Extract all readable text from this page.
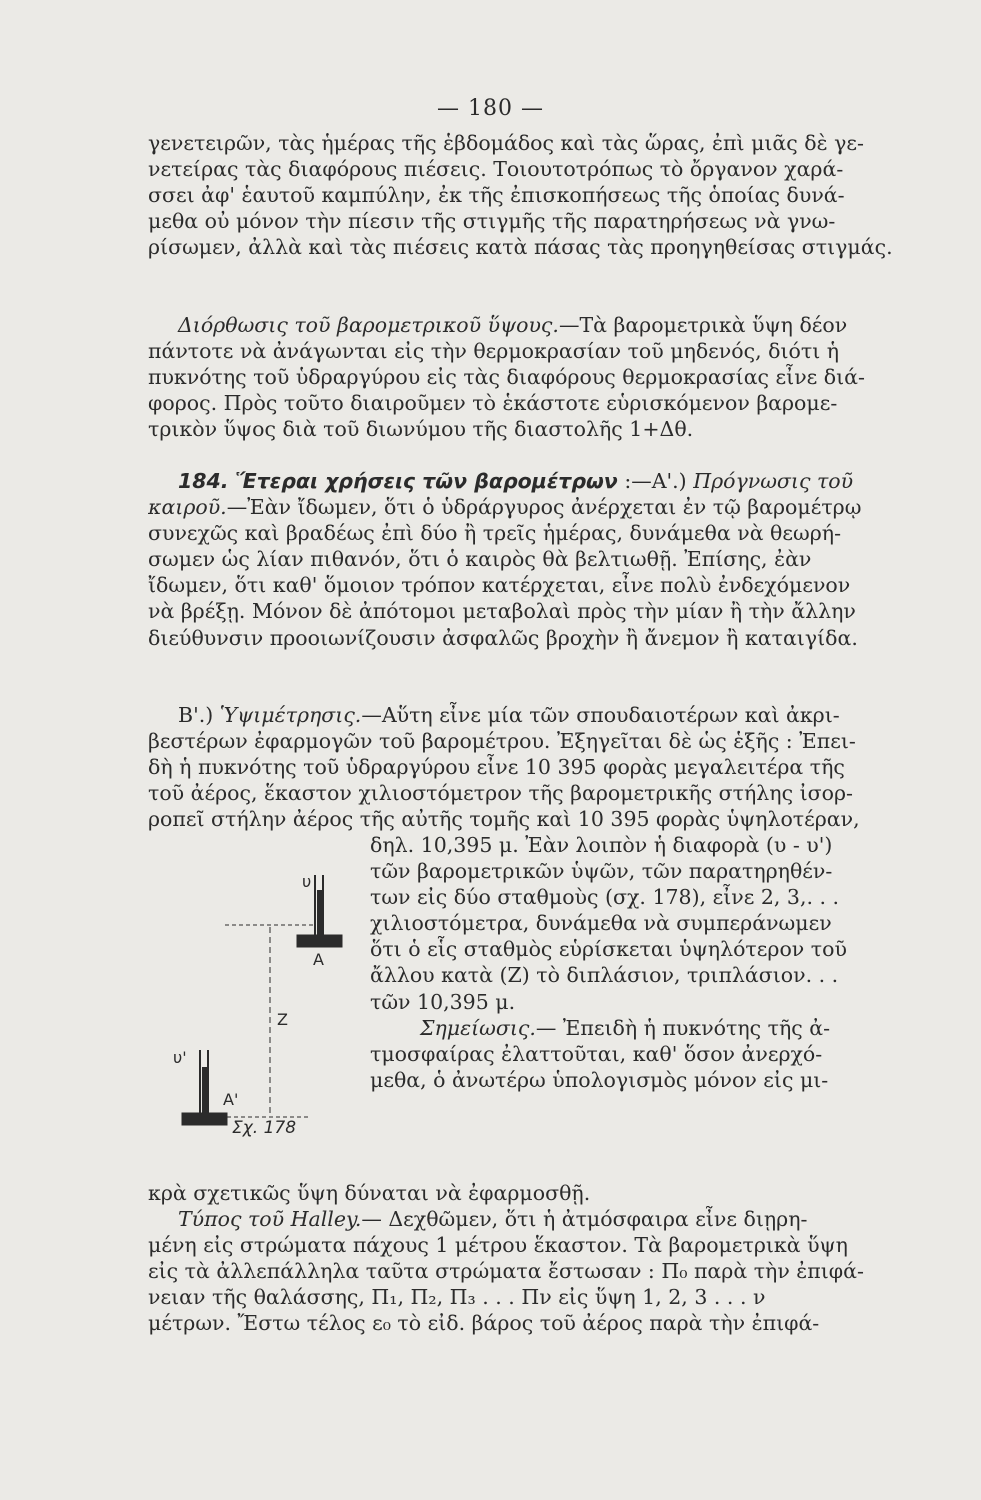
— 180 —
γενετειρῶν, τὰς ἡμέρας τῆς ἑβδομάδος καὶ τὰς ὥρας, ἐπὶ μιᾶς δὲ γε-
νετείρας τὰς διαφόρους πιέσεις. Τοιουτοτρόπως τὸ ὄργανον χαρά-
σσει ἀφ' ἑαυτοῦ καμπύλην, ἐκ τῆς ἐπισκοπήσεως τῆς ὁποίας δυνά-
μεθα οὐ μόνον τὴν πίεσιν τῆς στιγμῆς τῆς παρατηρήσεως νὰ γνω-
ρίσωμεν, ἀλλὰ καὶ τὰς πιέσεις κατὰ πάσας τὰς προηγηθείσας στιγμάς.
Διόρθωσις τοῦ βαρομετρικοῦ ὕψους.—Τὰ βαρομετρικὰ ὕψη δέον
πάντοτε νὰ ἀνάγωνται εἰς τὴν θερμοκρασίαν τοῦ μηδενός, διότι ἡ
πυκνότης τοῦ ὑδραργύρου εἰς τὰς διαφόρους θερμοκρασίας εἶνε διά-
φορος. Πρὸς τοῦτο διαιροῦμεν τὸ ἑκάστοτε εὑρισκόμενον βαρομε-
τρικὸν ὕψος διὰ τοῦ διωνύμου τῆς διαστολῆς 1+Δθ.
184. Ἕτεραι χρήσεις τῶν βαρομέτρων :—Α'.) Πρόγνωσις τοῦ
καιροῦ.—Ἐὰν ἴδωμεν, ὅτι ὁ ὑδράργυρος ἀνέρχεται ἐν τῷ βαρομέτρῳ
συνεχῶς καὶ βραδέως ἐπὶ δύο ἢ τρεῖς ἡμέρας, δυνάμεθα νὰ θεωρή-
σωμεν ὡς λίαν πιθανόν, ὅτι ὁ καιρὸς θὰ βελτιωθῇ. Ἐπίσης, ἐὰν
ἴδωμεν, ὅτι καθ' ὅμοιον τρόπον κατέρχεται, εἶνε πολὺ ἐνδεχόμενον
νὰ βρέξῃ. Μόνον δὲ ἀπότομοι μεταβολαὶ πρὸς τὴν μίαν ἢ τὴν ἄλλην
διεύθυνσιν προοιωνίζουσιν ἀσφαλῶς βροχὴν ἢ ἄνεμον ἢ καταιγίδα.
Β'.) Ὑψιμέτρησις.—Αὕτη εἶνε μία τῶν σπουδαιοτέρων καὶ ἀκρι-
βεστέρων ἐφαρμογῶν τοῦ βαρομέτρου. Ἐξηγεῖται δὲ ὡς ἑξῆς : Ἐπει-
δὴ ἡ πυκνότης τοῦ ὑδραργύρου εἶνε 10 395 φορὰς μεγαλειτέρα τῆς
τοῦ ἀέρος, ἕκαστον χιλιοστόμετρον τῆς βαρομετρικῆς στήλης ἰσορ-
ροπεῖ στήλην ἀέρος τῆς αὐτῆς τομῆς καὶ 10 395 φορὰς ὑψηλοτέραν,
δηλ. 10,395 μ. Ἐὰν λοιπὸν ἡ διαφορὰ (υ - υ')
τῶν βαρομετρικῶν ὑψῶν, τῶν παρατηρηθέν-
των εἰς δύο σταθμοὺς (σχ. 178), εἶνε 2, 3,. . .
χιλιοστόμετρα, δυνάμεθα νὰ συμπεράνωμεν
ὅτι ὁ εἷς σταθμὸς εὑρίσκεται ὑψηλότερον τοῦ
ἄλλου κατὰ (Ζ) τὸ διπλάσιον, τριπλάσιον. . .
τῶν 10,395 μ.
Σημείωσις.— Ἐπειδὴ ἡ πυκνότης τῆς ἀ-
τμοσφαίρας ἐλαττοῦται, καθ' ὅσον ἀνερχό-
μεθα, ὁ ἀνωτέρω ὑπολογισμὸς μόνον εἰς μι-
υ
Α
Ζ
υ'
Α'
Σχ. 178
κρὰ σχετικῶς ὕψη δύναται νὰ ἐφαρμοσθῇ.
Τύπος τοῦ Halley.— Δεχθῶμεν, ὅτι ἡ ἀτμόσφαιρα εἶνε διῃρη-
μένη εἰς στρώματα πάχους 1 μέτρου ἕκαστον. Τὰ βαρομετρικὰ ὕψη
εἰς τὰ ἀλλεπάλληλα ταῦτα στρώματα ἔστωσαν : Π₀ παρὰ τὴν ἐπιφά-
νειαν τῆς θαλάσσης, Π₁, Π₂, Π₃ . . . Πν εἰς ὕψη 1, 2, 3 . . . ν
μέτρων. Ἔστω τέλος ε₀ τὸ εἰδ. βάρος τοῦ ἀέρος παρὰ τὴν ἐπιφά-
